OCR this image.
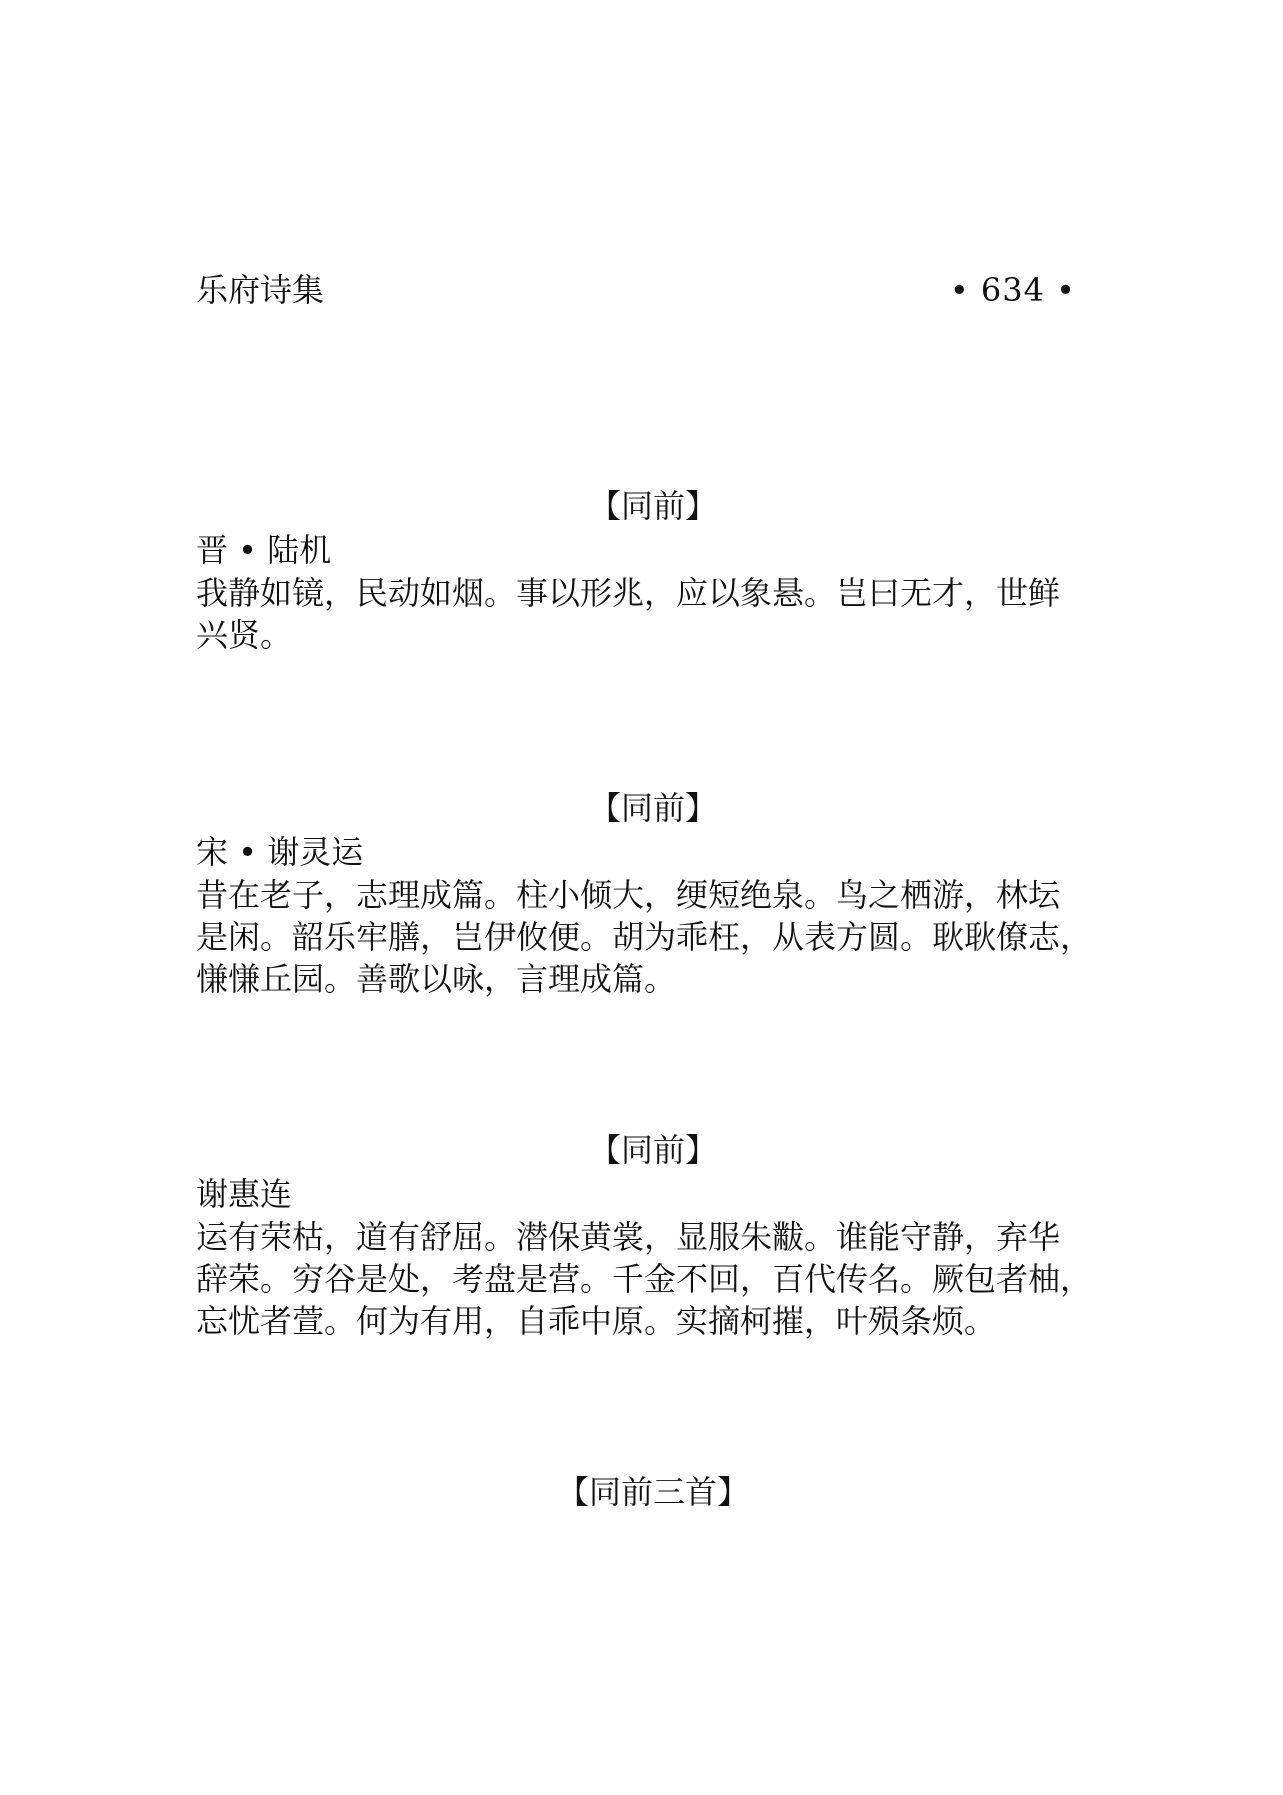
乐府诗集	• 634 •
【同前】
晋 • 陆机
我静如镜，民动如烟。事以形兆，应以象悬。岂曰无才，世鲜
兴贤。
【同前】
宋 • 谢灵运
昔在老子，志理成篇。柱小倾大，绠短绝泉。鸟之栖游，林坛
是闲。韶乐牢膳，岂伊攸便。胡为乖枉，从表方圆。耿耿僚志，
慊慊丘园。善歌以咏，言理成篇。
【同前】
谢惠连
运有荣枯，道有舒屈。潜保黄裳，显服朱黻。谁能守静，弃华
辞荣。穷谷是处，考盘是营。千金不回，百代传名。厥包者柚，
忘忧者萱。何为有用，自乖中原。实摘柯摧，叶殒条烦。
【同前三首】
